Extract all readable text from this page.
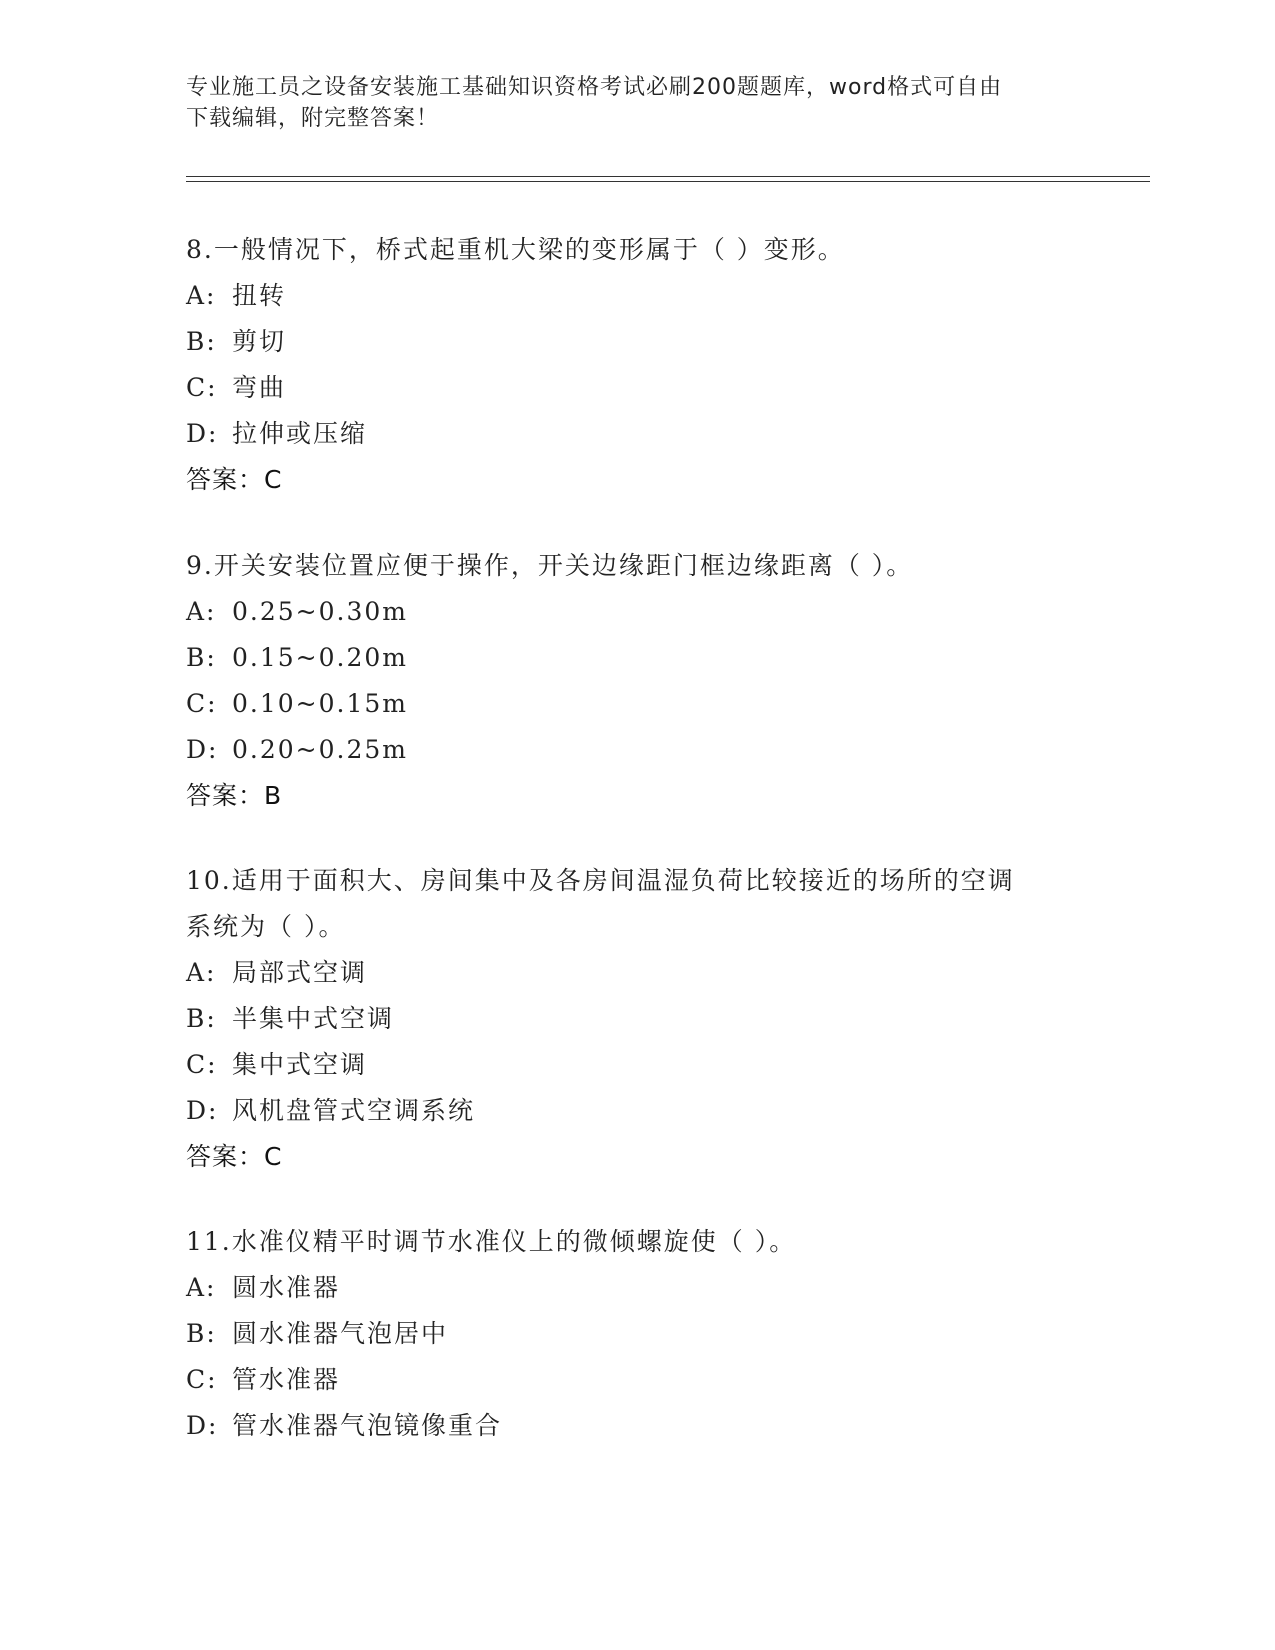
专业施工员之设备安装施工基础知识资格考试必刷200题题库，word格式可自由
下载编辑，附完整答案！

8.一般情况下，桥式起重机大梁的变形属于（ ）变形。

A: 扭转

B: 剪切

C: 弯曲

D: 拉伸或压缩

答案：C

9.开关安装位置应便于操作，开关边缘距门框边缘距离（ ）。

A: 0.25~0.30m

B: 0.15~0.20m

C: 0.10~0.15m

D: 0.20~0.25m

答案：B

10.适用于面积大、房间集中及各房间温湿负荷比较接近的场所的空调

系统为（ ）。

A: 局部式空调

B: 半集中式空调

C: 集中式空调

D: 风机盘管式空调系统

答案：C

11.水准仪精平时调节水准仪上的微倾螺旋使（ ）。

A: 圆水准器

B: 圆水准器气泡居中

C: 管水准器

D: 管水准器气泡镜像重合
